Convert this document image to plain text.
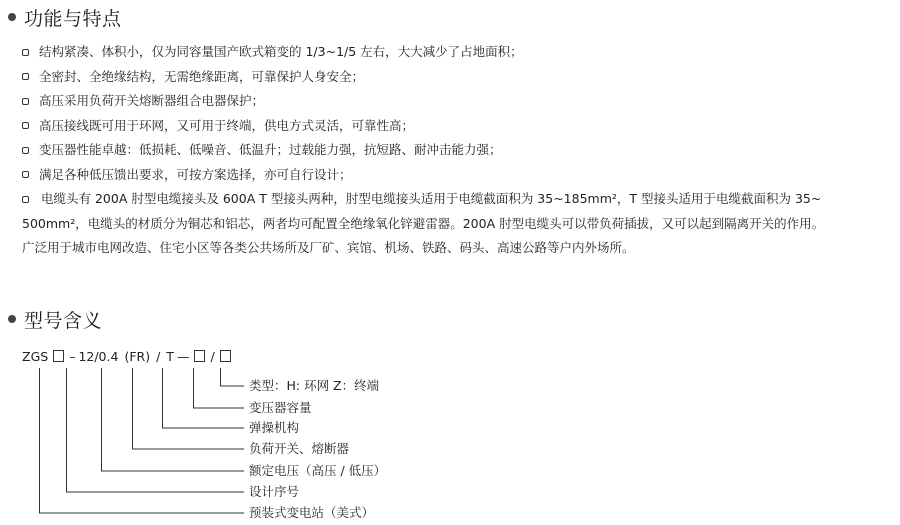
功能与特点
结构紧凑、体积小，仅为同容量国产欧式箱变的 1/3~1/5 左右，大大减少了占地面积；
全密封、全绝缘结构，无需绝缘距离，可靠保护人身安全；
高压采用负荷开关熔断器组合电器保护；
高压接线既可用于环网，又可用于终端，供电方式灵活，可靠性高；
变压器性能卓越：低损耗、低噪音、低温升；过载能力强，抗短路、耐冲击能力强；
满足各种低压馈出要求，可按方案选择，亦可自行设计；
电缆头有 200A 肘型电缆接头及 600A T 型接头两种，肘型电缆接头适用于电缆截面积为 35~185mm²，T 型接头适用于电缆截面积为 35~
500mm²，电缆头的材质分为铜芯和铝芯，两者均可配置全绝缘氧化锌避雷器。200A 肘型电缆头可以带负荷插拔，又可以起到隔离开关的作用。
广泛用于城市电网改造、住宅小区等各类公共场所及厂矿、宾馆、机场、铁路、码头、高速公路等户内外场所。
型号含义
ZGS – 12/0.4 (FR) / T — /
类型：H: 环网 Z：终端
变压器容量
弹操机构
负荷开关、熔断器
额定电压（高压 / 低压）
设计序号
预装式变电站（美式）
